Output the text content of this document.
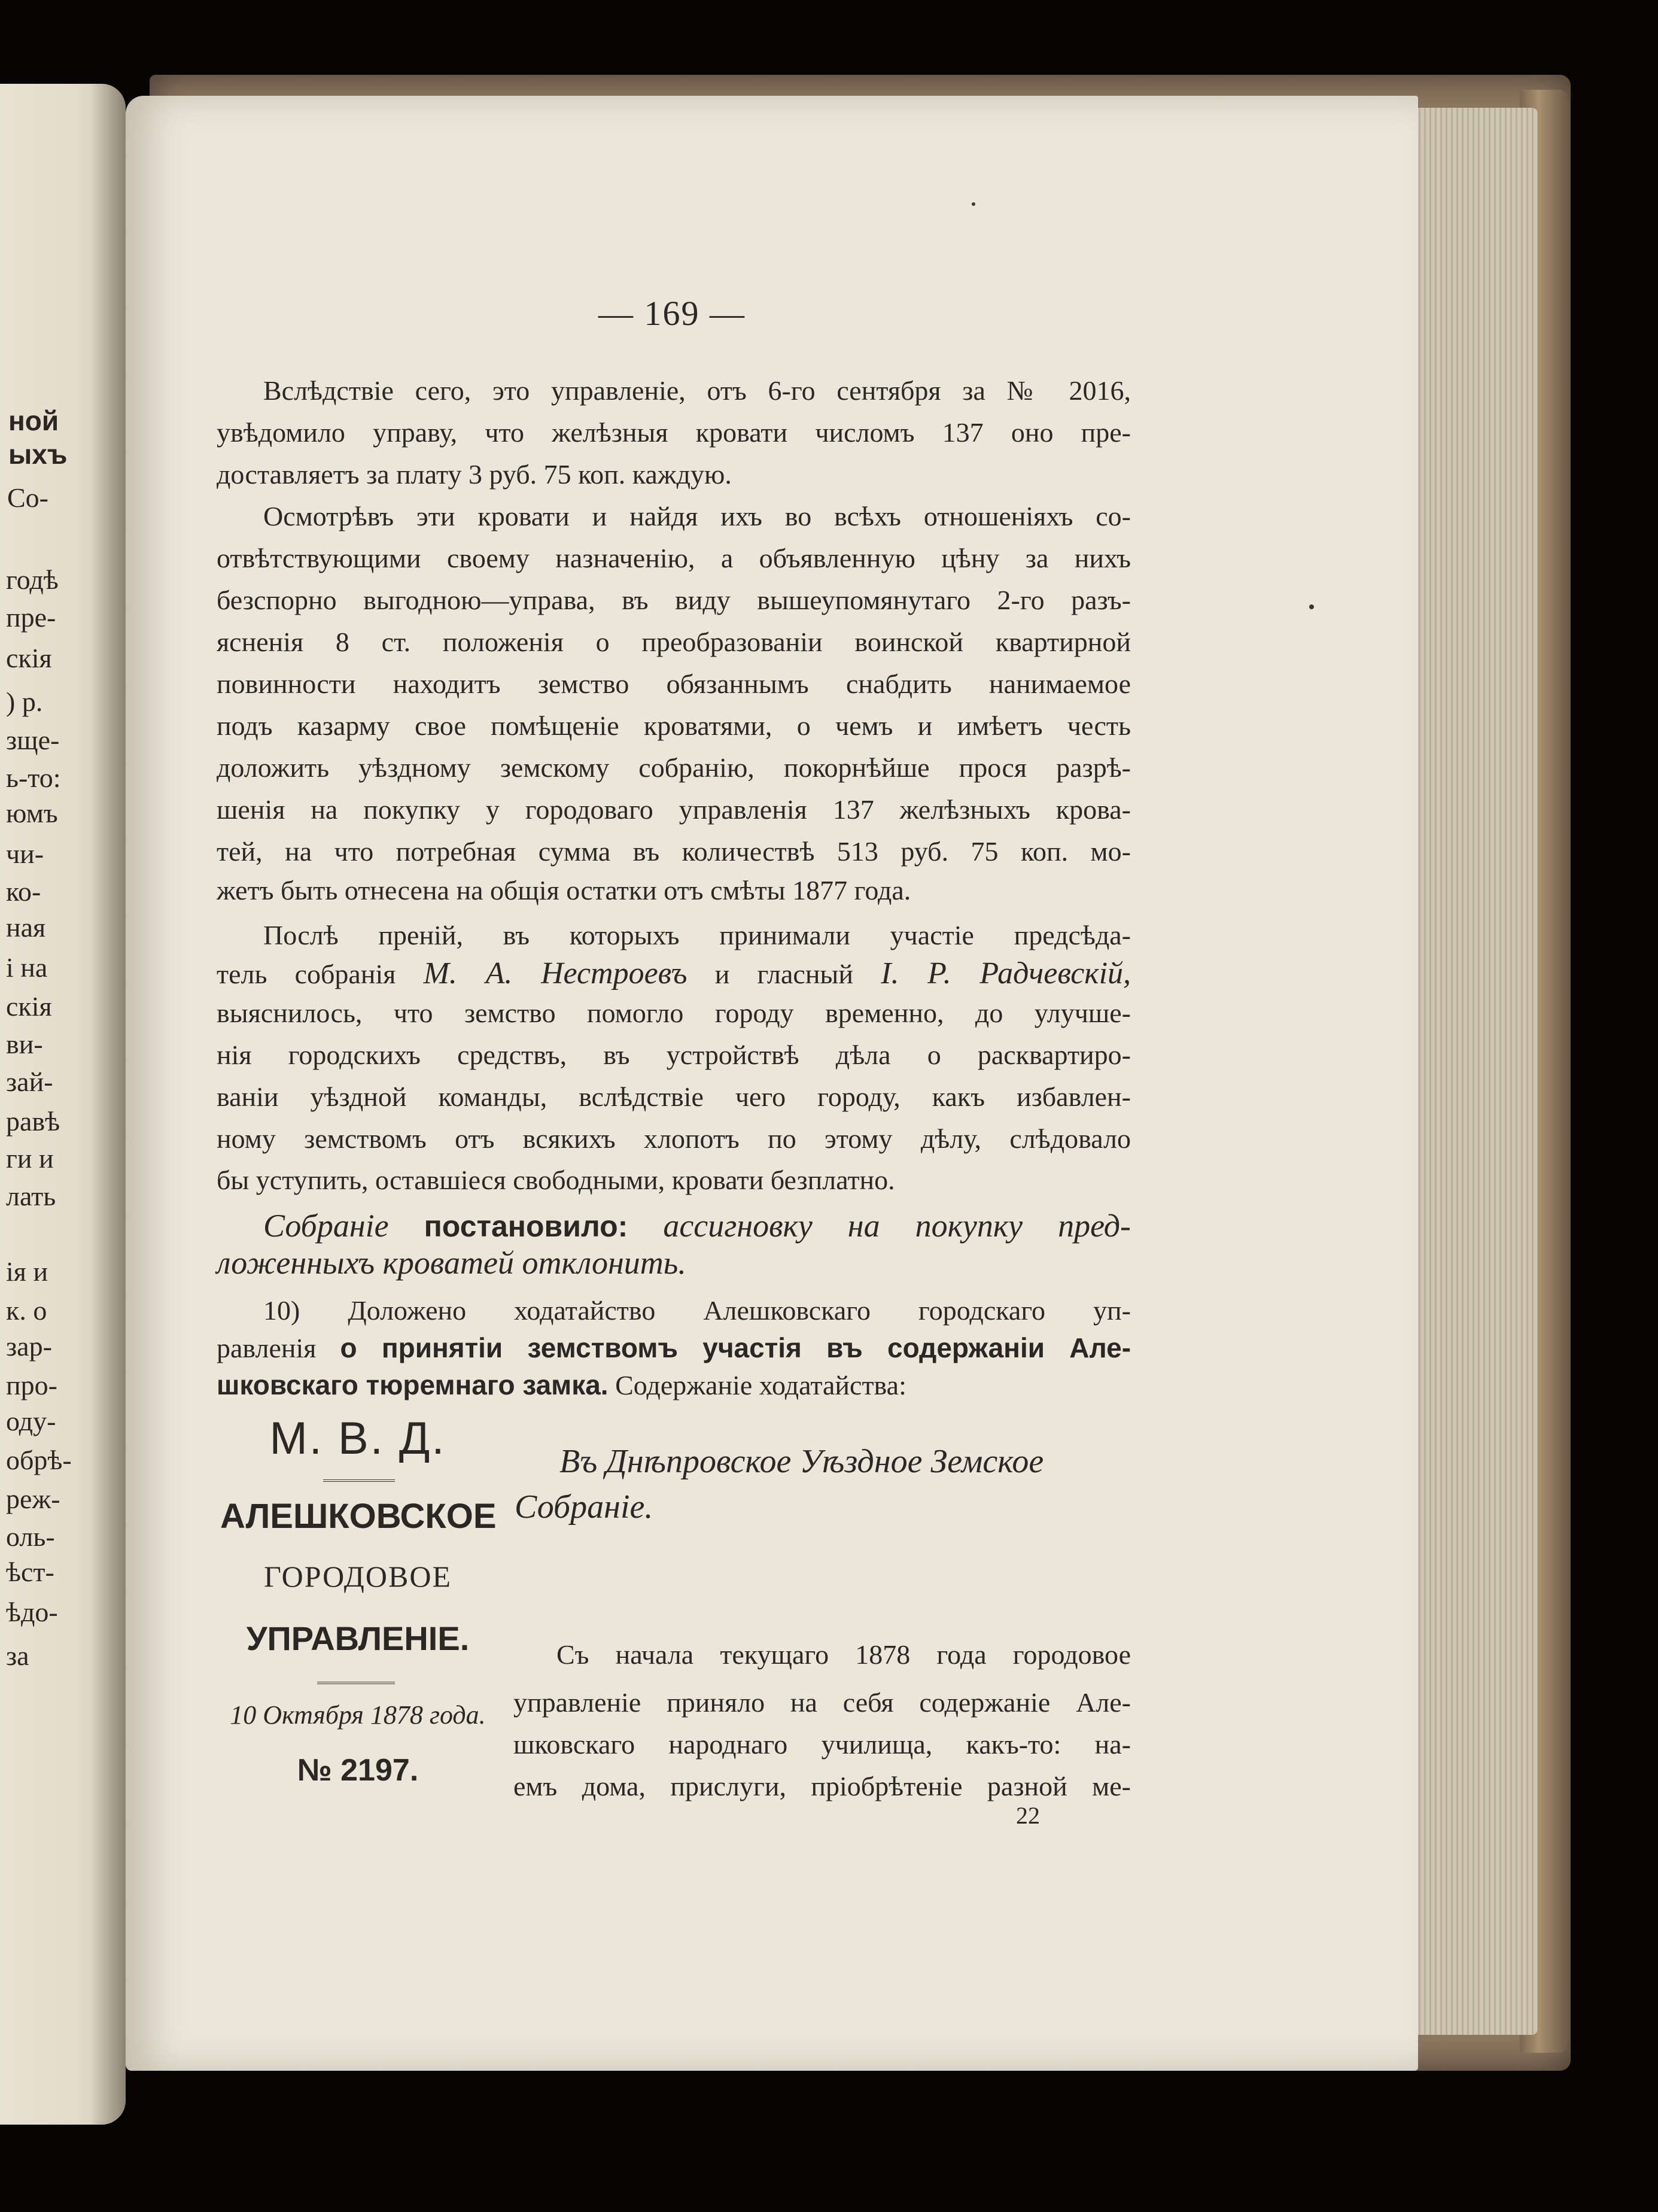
ной
ыхъ
Со-
годѣ
пре-
скія
) р.
зще-
ь-то:
юмъ
чи-
ко-
ная
і на
скія
ви-
зай-
равѣ
ги и
лать
ія и
к. о
зар-
про-
оду-
обрѣ-
реж-
оль-
ѣст-
ѣдо-
за
— 169 —
Вслѣдствіе сего, это управленіе, отъ 6-го сентября за № 2016,
увѣдомило управу, что желѣзныя кровати числомъ 137 оно пре-
доставляетъ за плату 3 руб. 75 коп. каждую.
Осмотрѣвъ эти кровати и найдя ихъ во всѣхъ отношеніяхъ со-
отвѣтствующими своему назначенію, а объявленную цѣну за нихъ
безспорно выгодною—управа, въ виду вышеупомянутаго 2-го разъ-
ясненія 8 ст. положенія о преобразованіи воинской квартирной
повинности находитъ земство обязаннымъ снабдить нанимаемое
подъ казарму свое помѣщеніе кроватями, о чемъ и имѣетъ честь
доложить уѣздному земскому собранію, покорнѣйше прося разрѣ-
шенія на покупку у городоваго управленія 137 желѣзныхъ крова-
тей, на что потребная сумма въ количествѣ 513 руб. 75 коп. мо-
жетъ быть отнесена на общія остатки отъ смѣты 1877 года.
Послѣ преній, въ которыхъ принимали участіе предсѣда-
тель собранія М. А. Нестроевъ и гласный І. Р. Радчевскій,
выяснилось, что земство помогло городу временно, до улучше-
нія городскихъ средствъ, въ устройствѣ дѣла о расквартиро-
ваніи уѣздной команды, вслѣдствіе чего городу, какъ избавлен-
ному земствомъ отъ всякихъ хлопотъ по этому дѣлу, слѣдовало
бы уступить, оставшіеся свободными, кровати безплатно.
Собраніе постановило: ассигновку на покупку пред-
ложенныхъ кроватей отклонить.
10) Доложено ходатайство Алешковскаго городскаго уп-
равленія о принятіи земствомъ участія въ содержаніи Але-
шковскаго тюремнаго замка. Содержаніе ходатайства:
М. В. Д.
АЛЕШКОВСКОЕ
ГОРОДОВОЕ
УПРАВЛЕНІЕ.
10 Октября 1878 года.
№ 2197.
Въ Днѣпровское Уѣздное Земское
Собраніе.
Съ начала текущаго 1878 года городовое
управленіе приняло на себя содержаніе Але-
шковскаго народнаго училища, какъ-то: на-
емъ дома, прислуги, пріобрѣтеніе разной ме-
22
